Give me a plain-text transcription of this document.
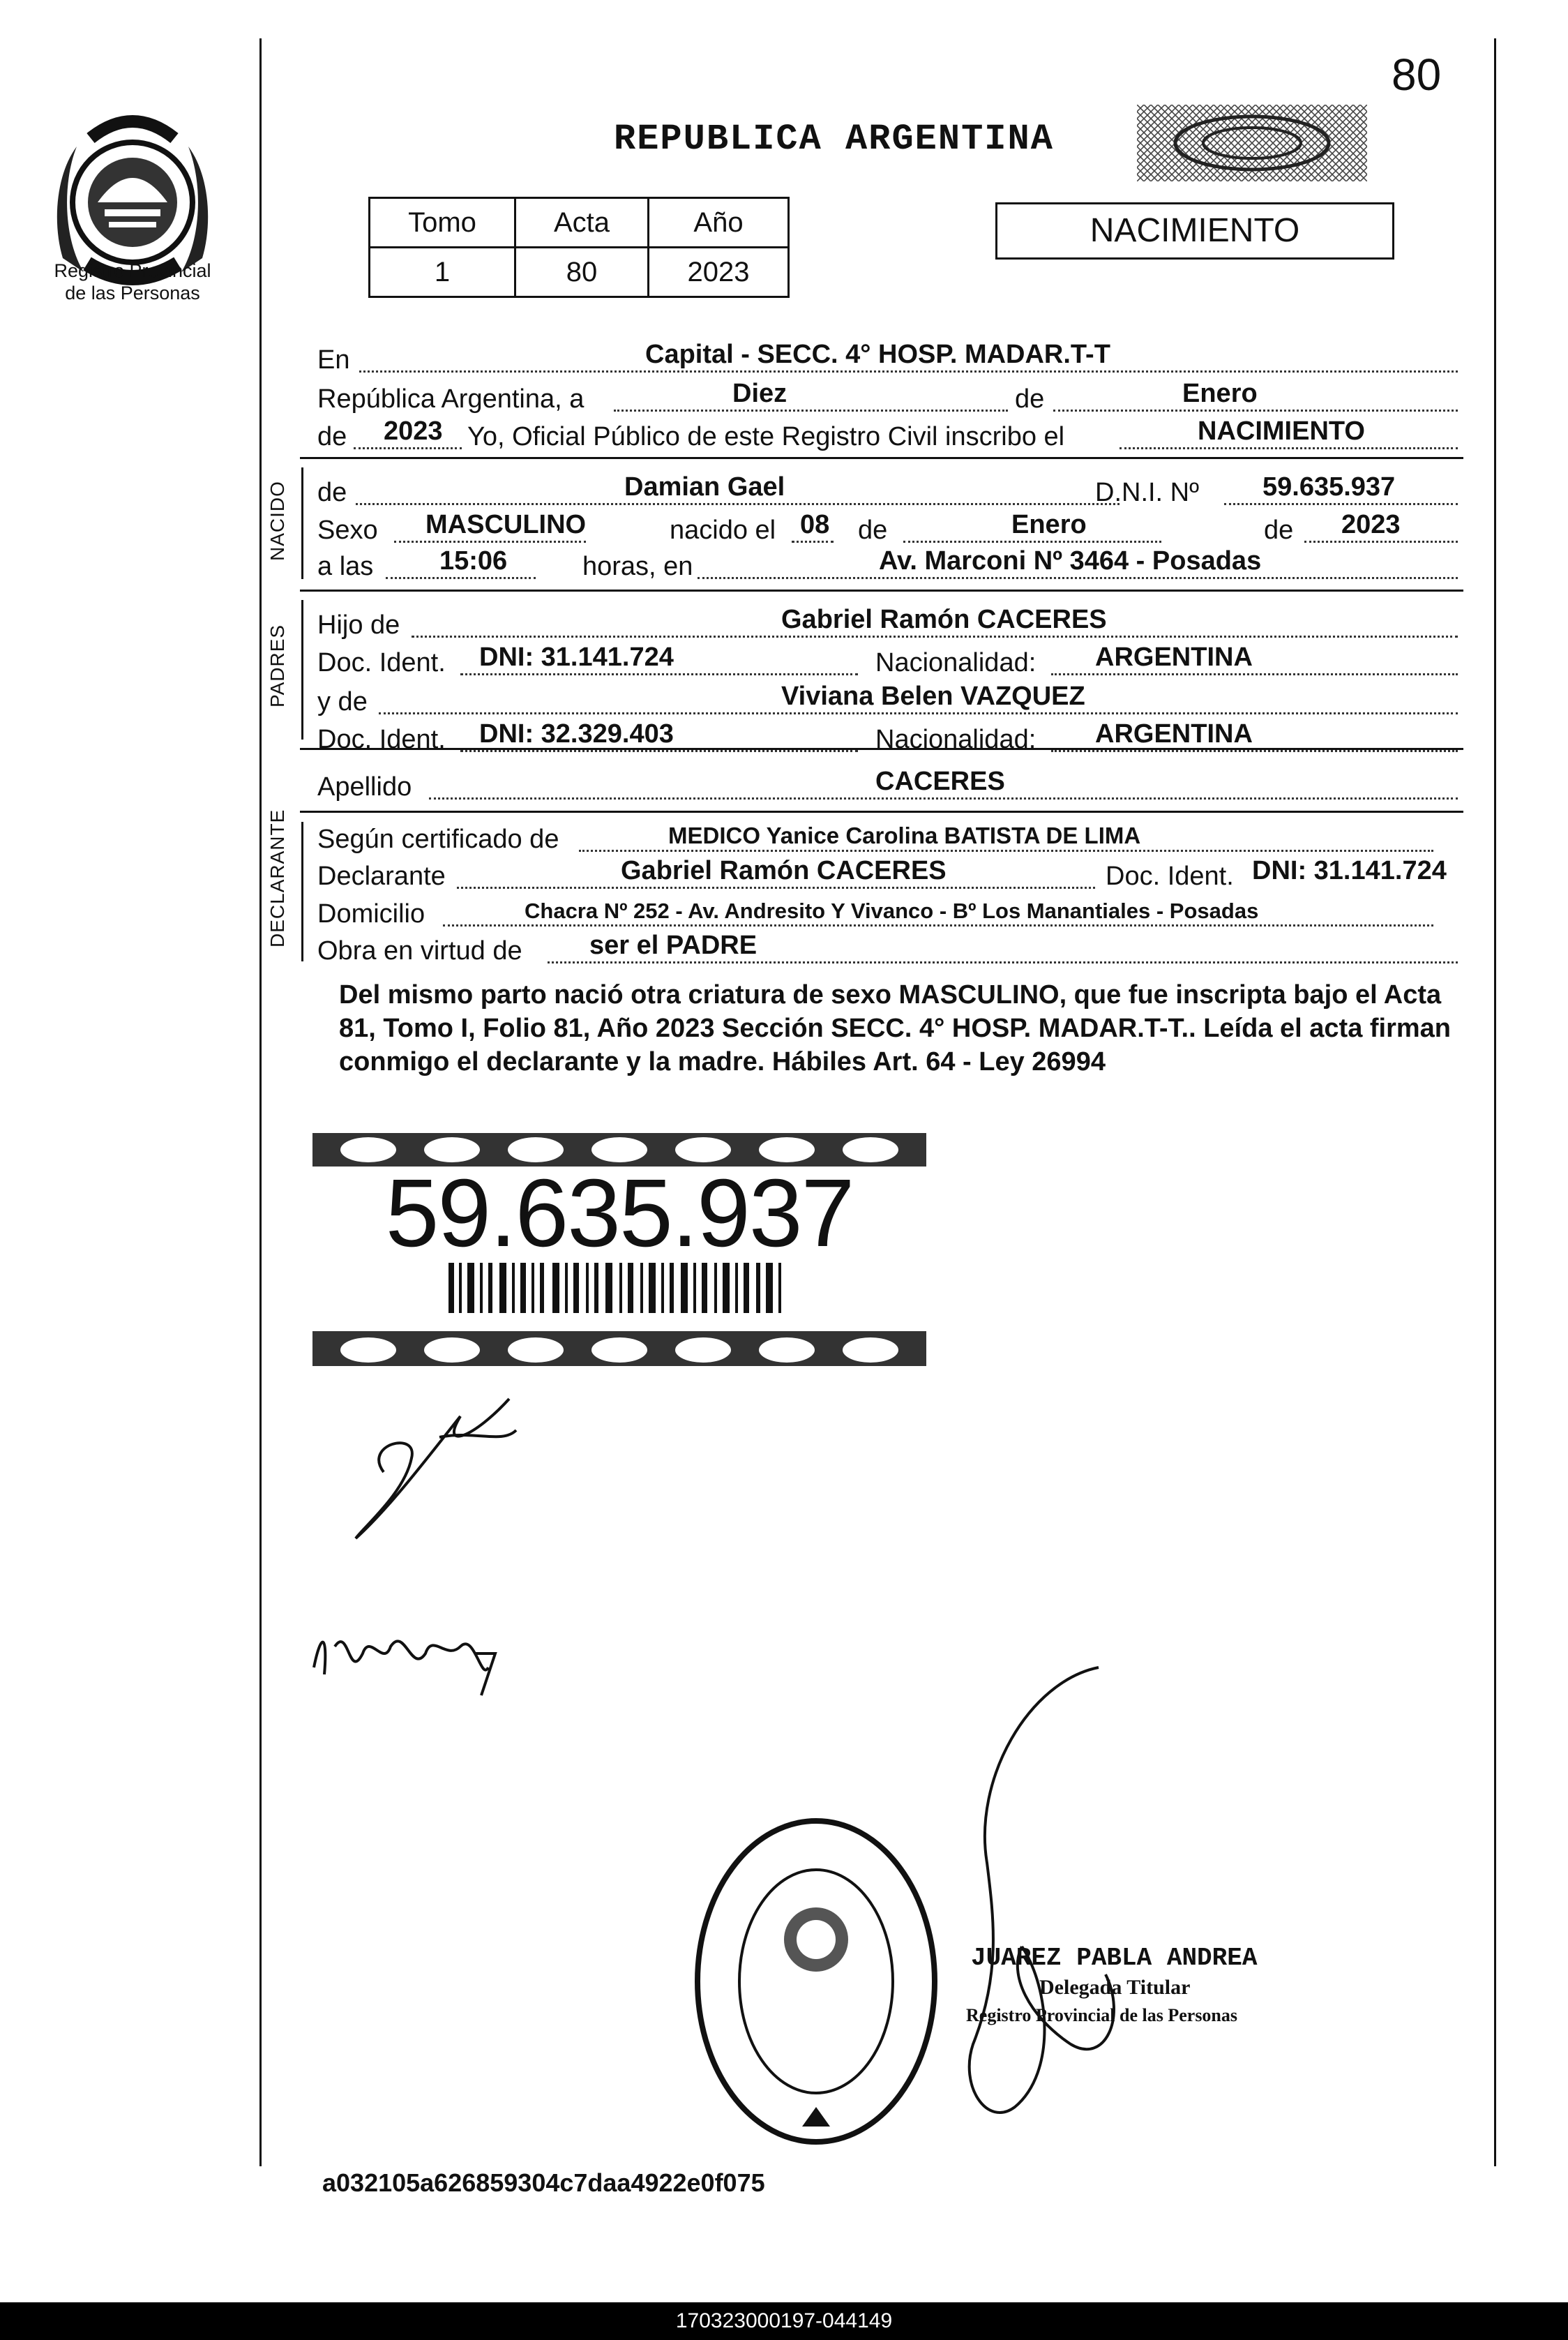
Registro Provincial
de las Personas
80
REPUBLICA ARGENTINA
Tomo	Acta	Año
1	80	2023
NACIMIENTO
En	Capital - SECC. 4° HOSP. MADAR.T-T
República Argentina, a	Diez	de	Enero
de 2023 Yo, Oficial Público de este Registro Civil inscribo el	NACIMIENTO
NACIDO de	Damian Gael	D.N.I. Nº 59.635.937
Sexo MASCULINO	nacido el 08 de	Enero	de 2023
a las 15:06	horas, en	Av. Marconi Nº 3464 - Posadas
PADRES Hijo de	Gabriel Ramón CACERES
Doc. Ident. DNI: 31.141.724	Nacionalidad: ARGENTINA
y de	Viviana Belen VAZQUEZ
Doc. Ident. DNI: 32.329.403	Nacionalidad: ARGENTINA
Apellido	CACERES
DECLARANTE Según certificado de	MEDICO Yanice Carolina BATISTA DE LIMA
Declarante	Gabriel Ramón CACERES	Doc. Ident. DNI: 31.141.724
Domicilio	Chacra Nº 252 - Av. Andresito Y Vivanco - Bº Los Manantiales - Posadas
Obra en virtud de	ser el PADRE
Del mismo parto nació otra criatura de sexo MASCULINO, que fue inscripta bajo el Acta 81, Tomo I, Folio 81, Año 2023 Sección SECC. 4° HOSP. MADAR.T-T.. Leída el acta firman conmigo el declarante y la madre. Hábiles Art. 64 - Ley 26994
59.635.937
JUAREZ PABLA ANDREA
Delegada Titular
Registro Provincial de las Personas
a032105a626859304c7daa4922e0f075
170323000197-044149
